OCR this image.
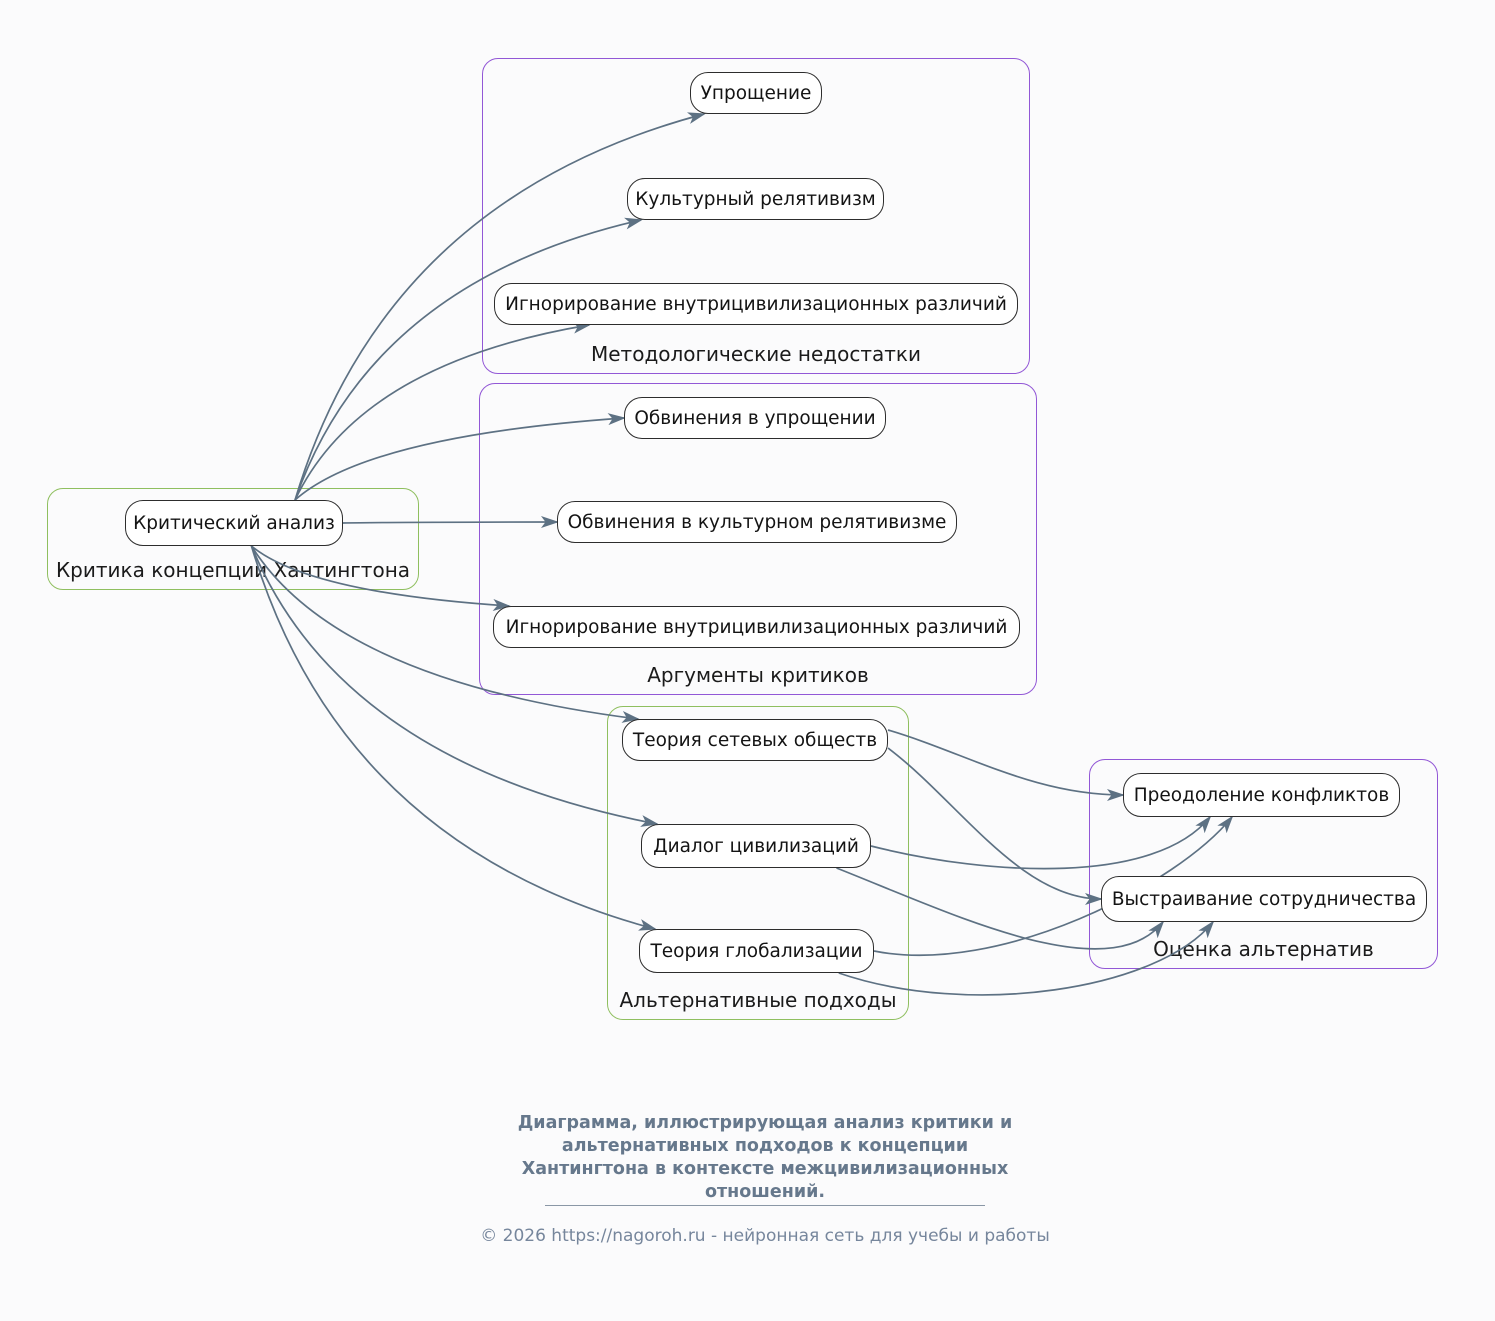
Критика концепции Хантингтона
Методологические недостатки
Аргументы критиков
Альтернативные подходы
Оценка альтернатив
Критический анализ
Упрощение
Культурный релятивизм
Игнорирование внутрицивилизационных различий
Обвинения в упрощении
Обвинения в культурном релятивизме
Игнорирование внутрицивилизационных различий
Теория сетевых обществ
Диалог цивилизаций
Теория глобализации
Преодоление конфликтов
Выстраивание сотрудничества
Диаграмма, иллюстрирующая анализ критики и
альтернативных подходов к концепции
Хантингтона в контексте межцивилизационных
отношений.
© 2026 https://nagoroh.ru - нейронная сеть для учебы и работы
